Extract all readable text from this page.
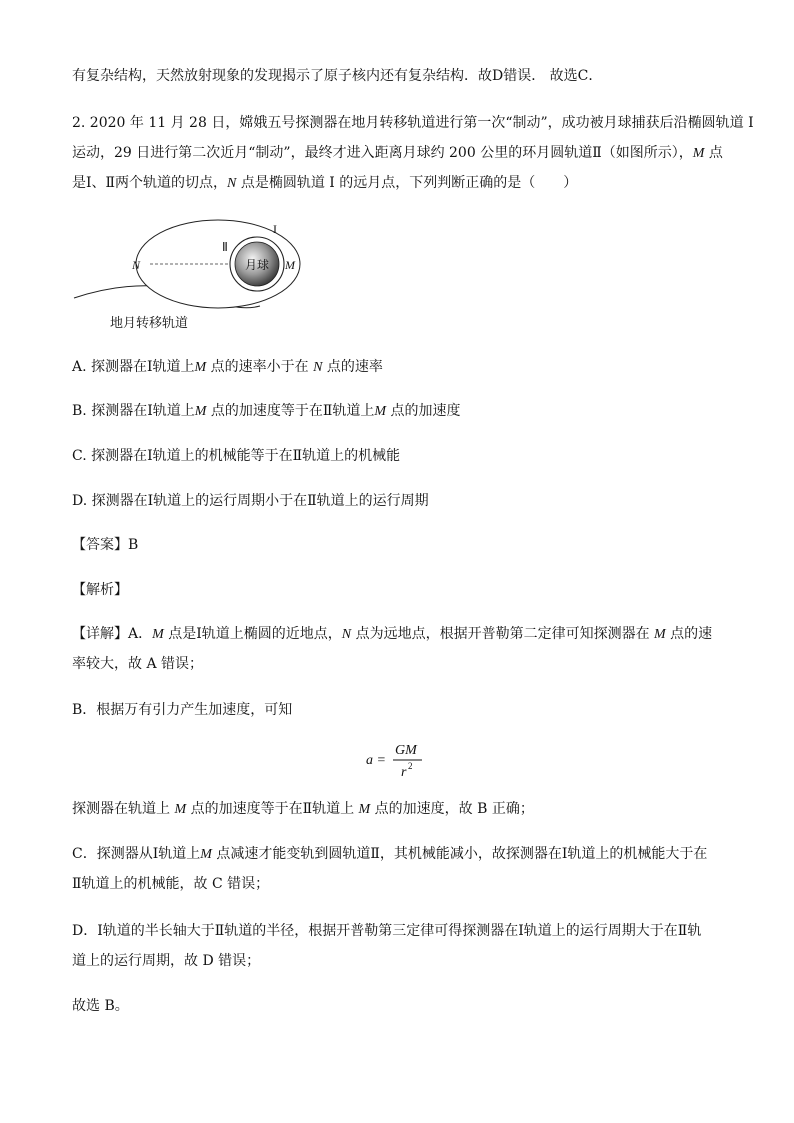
有复杂结构，天然放射现象的发现揭示了原子核内还有复杂结构．故D错误． 故选C．
2. 2020 年 11 月 28 日，嫦娥五号探测器在地月转移轨道进行第一次“制动”，成功被月球捕获后沿椭圆轨道 I
运动，29 日进行第二次近月“制动”，最终才进入距离月球约 200 公里的环月圆轨道Ⅱ（如图所示），M 点
是Ⅰ、Ⅱ两个轨道的切点，N 点是椭圆轨道 I 的远月点，下列判断正确的是（　　）
月球
N	M
I
Ⅱ
地月转移轨道
A. 探测器在Ⅰ轨道上M 点的速率小于在 N 点的速率
B. 探测器在Ⅰ轨道上M 点的加速度等于在Ⅱ轨道上M 点的加速度
C. 探测器在Ⅰ轨道上的机械能等于在Ⅱ轨道上的机械能
D. 探测器在Ⅰ轨道上的运行周期小于在Ⅱ轨道上的运行周期
【答案】B
【解析】
【详解】A．M 点是Ⅰ轨道上椭圆的近地点，N 点为远地点，根据开普勒第二定律可知探测器在 M 点的速
率较大，故 A 错误；
B．根据万有引力产生加速度，可知
a =
GM
r 2
探测器在轨道上 M 点的加速度等于在Ⅱ轨道上 M 点的加速度，故 B 正确；
C．探测器从Ⅰ轨道上M 点减速才能变轨到圆轨道Ⅱ，其机械能减小，故探测器在Ⅰ轨道上的机械能大于在
Ⅱ轨道上的机械能，故 C 错误；
D．Ⅰ轨道的半长轴大于Ⅱ轨道的半径，根据开普勒第三定律可得探测器在Ⅰ轨道上的运行周期大于在Ⅱ轨
道上的运行周期，故 D 错误；
故选 B。
